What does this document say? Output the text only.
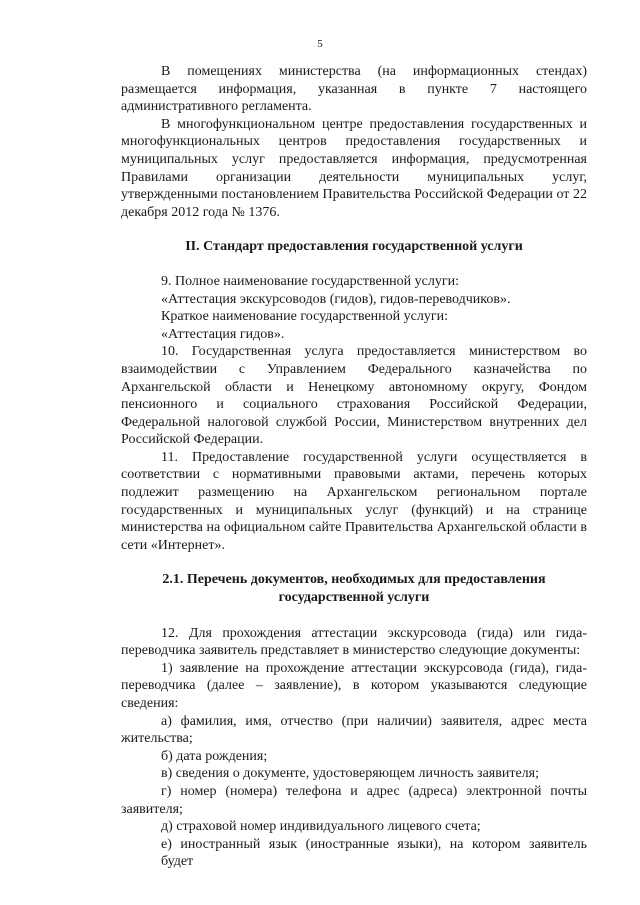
5

В помещениях министерства (на информационных стендах) размещается информация, указанная в пункте 7 настоящего административного регламента.

В многофункциональном центре предоставления государственных и многофункциональных центров предоставления государственных и муниципальных услуг предоставляется информация, предусмотренная Правилами организации деятельности муниципальных услуг, утвержденными постановлением Правительства Российской Федерации от 22 декабря 2012 года № 1376.

II. Стандарт предоставления государственной услуги

9. Полное наименование государственной услуги:

«Аттестация экскурсоводов (гидов), гидов-переводчиков».

Краткое наименование государственной услуги:

«Аттестация гидов».

10. Государственная услуга предоставляется министерством во взаимодействии с Управлением Федерального казначейства по Архангельской области и Ненецкому автономному округу, Фондом пенсионного и социального страхования Российской Федерации, Федеральной налоговой службой России, Министерством внутренних дел Российской Федерации.

11. Предоставление государственной услуги осуществляется в соответствии с нормативными правовыми актами, перечень которых подлежит размещению на Архангельском региональном портале государственных и муниципальных услуг (функций) и на странице министерства на официальном сайте Правительства Архангельской области в сети «Интернет».

2.1. Перечень документов, необходимых для предоставления
государственной услуги

12. Для прохождения аттестации экскурсовода (гида) или гида-переводчика заявитель представляет в министерство следующие документы:

1) заявление на прохождение аттестации экскурсовода (гида), гида-переводчика (далее – заявление), в котором указываются следующие сведения:

а) фамилия, имя, отчество (при наличии) заявителя, адрес места жительства;

б) дата рождения;

в) сведения о документе, удостоверяющем личность заявителя;

г) номер (номера) телефона и адрес (адреса) электронной почты заявителя;

д) страховой номер индивидуального лицевого счета;

е) иностранный язык (иностранные языки), на котором заявитель будет
